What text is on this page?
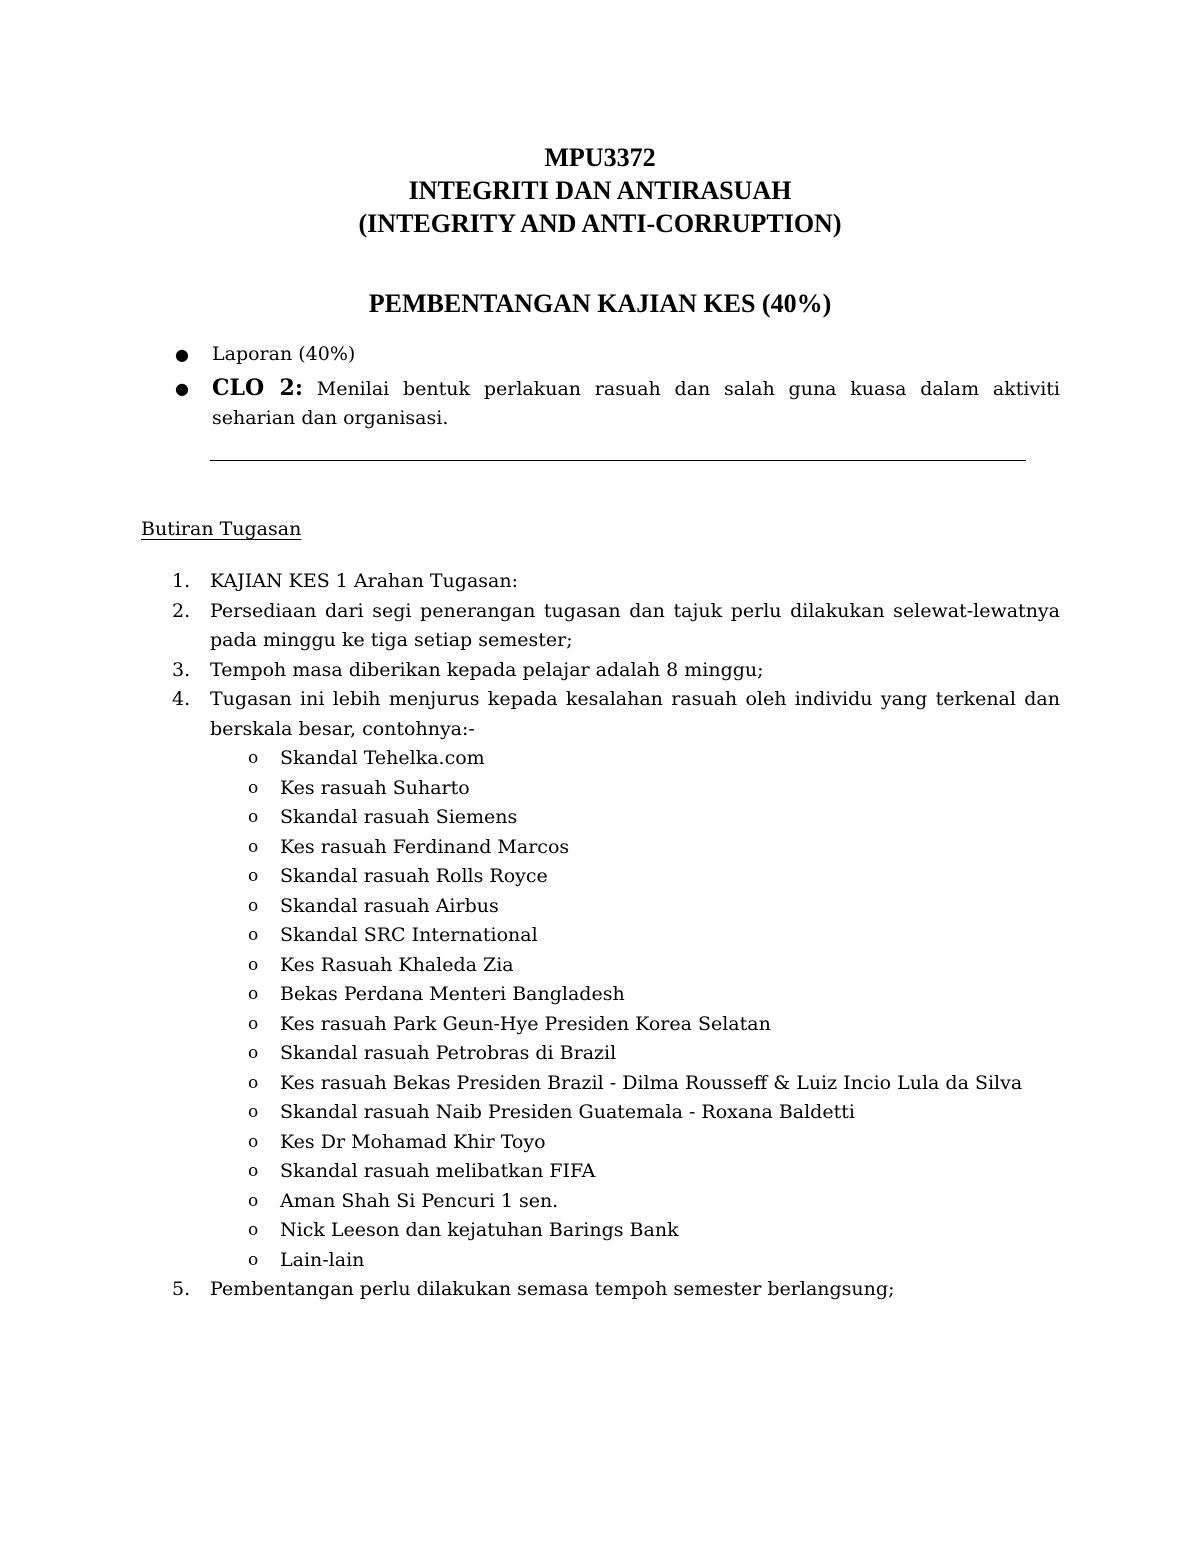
MPU3372
INTEGRITI DAN ANTIRASUAH
(INTEGRITY AND ANTI-CORRUPTION)
PEMBENTANGAN KAJIAN KES (40%)
●	Laporan (40%)
●	CLO 2: Menilai bentuk perlakuan rasuah dan salah guna kuasa dalam aktiviti seharian dan organisasi.
Butiran Tugasan
1.	KAJIAN KES 1 Arahan Tugasan:
2.	Persediaan dari segi penerangan tugasan dan tajuk perlu dilakukan selewat-lewatnya pada minggu ke tiga setiap semester;
3.	Tempoh masa diberikan kepada pelajar adalah 8 minggu;
4.	Tugasan ini lebih menjurus kepada kesalahan rasuah oleh individu yang terkenal dan berskala besar, contohnya:-
o	Skandal Tehelka.com
o	Kes rasuah Suharto
o	Skandal rasuah Siemens
o	Kes rasuah Ferdinand Marcos
o	Skandal rasuah Rolls Royce
o	Skandal rasuah Airbus
o	Skandal SRC International
o	Kes Rasuah Khaleda Zia
o	Bekas Perdana Menteri Bangladesh
o	Kes rasuah Park Geun-Hye Presiden Korea Selatan
o	Skandal rasuah Petrobras di Brazil
o	Kes rasuah Bekas Presiden Brazil - Dilma Rousseff & Luiz Incio Lula da Silva
o	Skandal rasuah Naib Presiden Guatemala - Roxana Baldetti
o	Kes Dr Mohamad Khir Toyo
o	Skandal rasuah melibatkan FIFA
o	Aman Shah Si Pencuri 1 sen.
o	Nick Leeson dan kejatuhan Barings Bank
o	Lain-lain
5.	Pembentangan perlu dilakukan semasa tempoh semester berlangsung;
